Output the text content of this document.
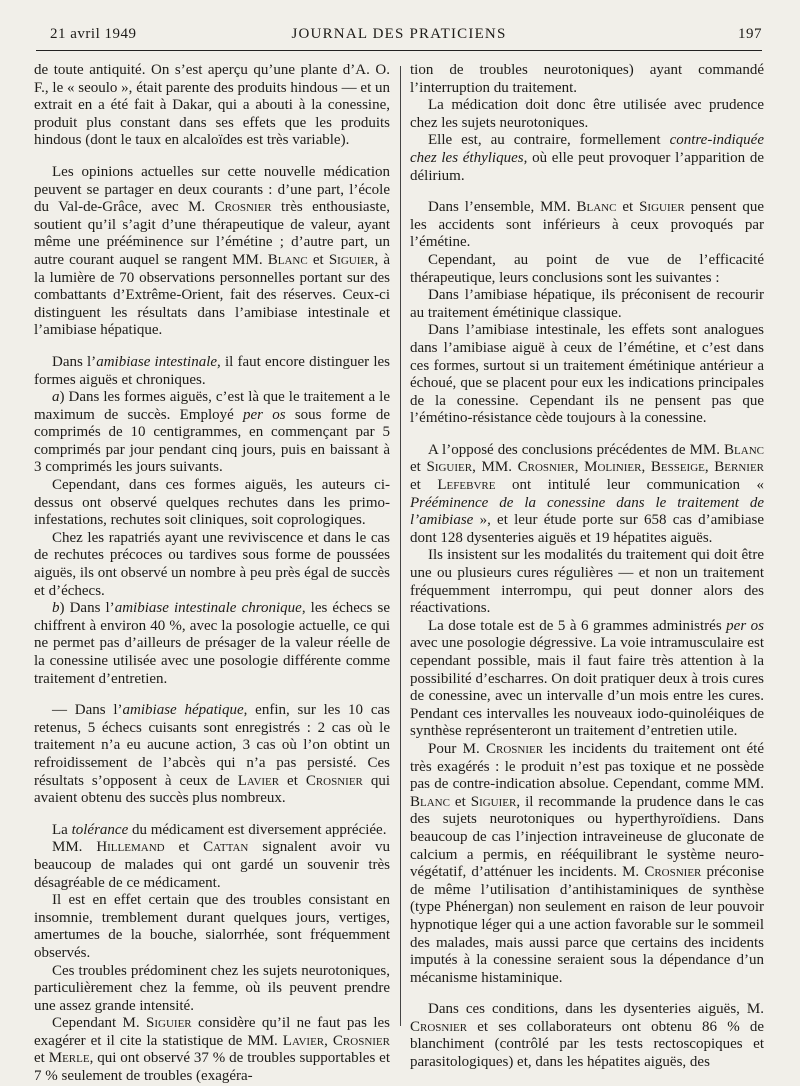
21 avril 1949	JOURNAL DES PRATICIENS	197

de toute antiquité. On s’est aperçu qu’une plante d’A. O. F., le « seoulo », était parente des produits hindous — et un extrait en a été fait à Dakar, qui a abouti à la conessine, produit plus constant dans ses effets que les produits hindous (dont le taux en alcaloïdes est très variable).

Les opinions actuelles sur cette nouvelle médication peuvent se partager en deux courants : d’une part, l’école du Val-de-Grâce, avec M. Crosnier très enthousiaste, soutient qu’il s’agit d’une thérapeutique de valeur, ayant même une prééminence sur l’émétine ; d’autre part, un autre courant auquel se rangent MM. Blanc et Siguier, à la lumière de 70 observations personnelles portant sur des combattants d’Extrême-Orient, fait des réserves. Ceux-ci distinguent les résultats dans l’amibiase intestinale et l’amibiase hépatique.

Dans l’amibiase intestinale, il faut encore distinguer les formes aiguës et chroniques.

a) Dans les formes aiguës, c’est là que le traitement a le maximum de succès. Employé per os sous forme de comprimés de 10 centigrammes, en commençant par 5 comprimés par jour pendant cinq jours, puis en baissant à 3 comprimés les jours suivants.

Cependant, dans ces formes aiguës, les auteurs ci-dessus ont observé quelques rechutes dans les primo-infestations, rechutes soit cliniques, soit coprologiques.

Chez les rapatriés ayant une reviviscence et dans le cas de rechutes précoces ou tardives sous forme de poussées aiguës, ils ont observé un nombre à peu près égal de succès et d’échecs.

b) Dans l’amibiase intestinale chronique, les échecs se chiffrent à environ 40 %, avec la posologie actuelle, ce qui ne permet pas d’ailleurs de présager de la valeur réelle de la conessine utilisée avec une posologie différente comme traitement d’entretien.

— Dans l’amibiase hépatique, enfin, sur les 10 cas retenus, 5 échecs cuisants sont enregistrés : 2 cas où le traitement n’a eu aucune action, 3 cas où l’on obtint un refroidissement de l’abcès qui n’a pas persisté. Ces résultats s’opposent à ceux de Lavier et Crosnier qui avaient obtenu des succès plus nombreux.

La tolérance du médicament est diversement appréciée.

MM. Hillemand et Cattan signalent avoir vu beaucoup de malades qui ont gardé un souvenir très désagréable de ce médicament.

Il est en effet certain que des troubles consistant en insomnie, tremblement durant quelques jours, vertiges, amertumes de la bouche, sialorrhée, sont fréquemment observés.

Ces troubles prédominent chez les sujets neurotoniques, particulièrement chez la femme, où ils peuvent prendre une assez grande intensité.

Cependant M. Siguier considère qu’il ne faut pas les exagérer et il cite la statistique de MM. Lavier, Crosnier et Merle, qui ont observé 37 % de troubles supportables et 7 % seulement de troubles (exagéra-

tion de troubles neurotoniques) ayant commandé l’interruption du traitement.

La médication doit donc être utilisée avec prudence chez les sujets neurotoniques.

Elle est, au contraire, formellement contre-indiquée chez les éthyliques, où elle peut provoquer l’apparition de délirium.

Dans l’ensemble, MM. Blanc et Siguier pensent que les accidents sont inférieurs à ceux provoqués par l’émétine.

Cependant, au point de vue de l’efficacité thérapeutique, leurs conclusions sont les suivantes :

Dans l’amibiase hépatique, ils préconisent de recourir au traitement émétinique classique.

Dans l’amibiase intestinale, les effets sont analogues dans l’amibiase aiguë à ceux de l’émétine, et c’est dans ces formes, surtout si un traitement émétinique antérieur a échoué, que se placent pour eux les indications principales de la conessine. Cependant ils ne pensent pas que l’émétino-résistance cède toujours à la conessine.

A l’opposé des conclusions précédentes de MM. Blanc et Siguier, MM. Crosnier, Molinier, Besseige, Bernier et Lefebvre ont intitulé leur communication « Prééminence de la conessine dans le traitement de l’amibiase », et leur étude porte sur 658 cas d’amibiase dont 128 dysenteries aiguës et 19 hépatites aiguës.

Ils insistent sur les modalités du traitement qui doit être une ou plusieurs cures régulières — et non un traitement fréquemment interrompu, qui peut donner alors des réactivations.

La dose totale est de 5 à 6 grammes administrés per os avec une posologie dégressive. La voie intramusculaire est cependant possible, mais il faut faire très attention à la possibilité d’escharres. On doit pratiquer deux à trois cures de conessine, avec un intervalle d’un mois entre les cures. Pendant ces intervalles les nouveaux iodo-quinoléiques de synthèse représenteront un traitement d’entretien utile.

Pour M. Crosnier les incidents du traitement ont été très exagérés : le produit n’est pas toxique et ne possède pas de contre-indication absolue. Cependant, comme MM. Blanc et Siguier, il recommande la prudence dans le cas des sujets neurotoniques ou hyperthyroïdiens. Dans beaucoup de cas l’injection intraveineuse de gluconate de calcium a permis, en rééquilibrant le système neuro-végétatif, d’atténuer les incidents. M. Crosnier préconise de même l’utilisation d’antihistaminiques de synthèse (type Phénergan) non seulement en raison de leur pouvoir hypnotique léger qui a une action favorable sur le sommeil des malades, mais aussi parce que certains des incidents imputés à la conessine seraient sous la dépendance d’un mécanisme histaminique.

Dans ces conditions, dans les dysenteries aiguës, M. Crosnier et ses collaborateurs ont obtenu 86 % de blanchiment (contrôlé par les tests rectoscopiques et parasitologiques) et, dans les hépatites aiguës, des
